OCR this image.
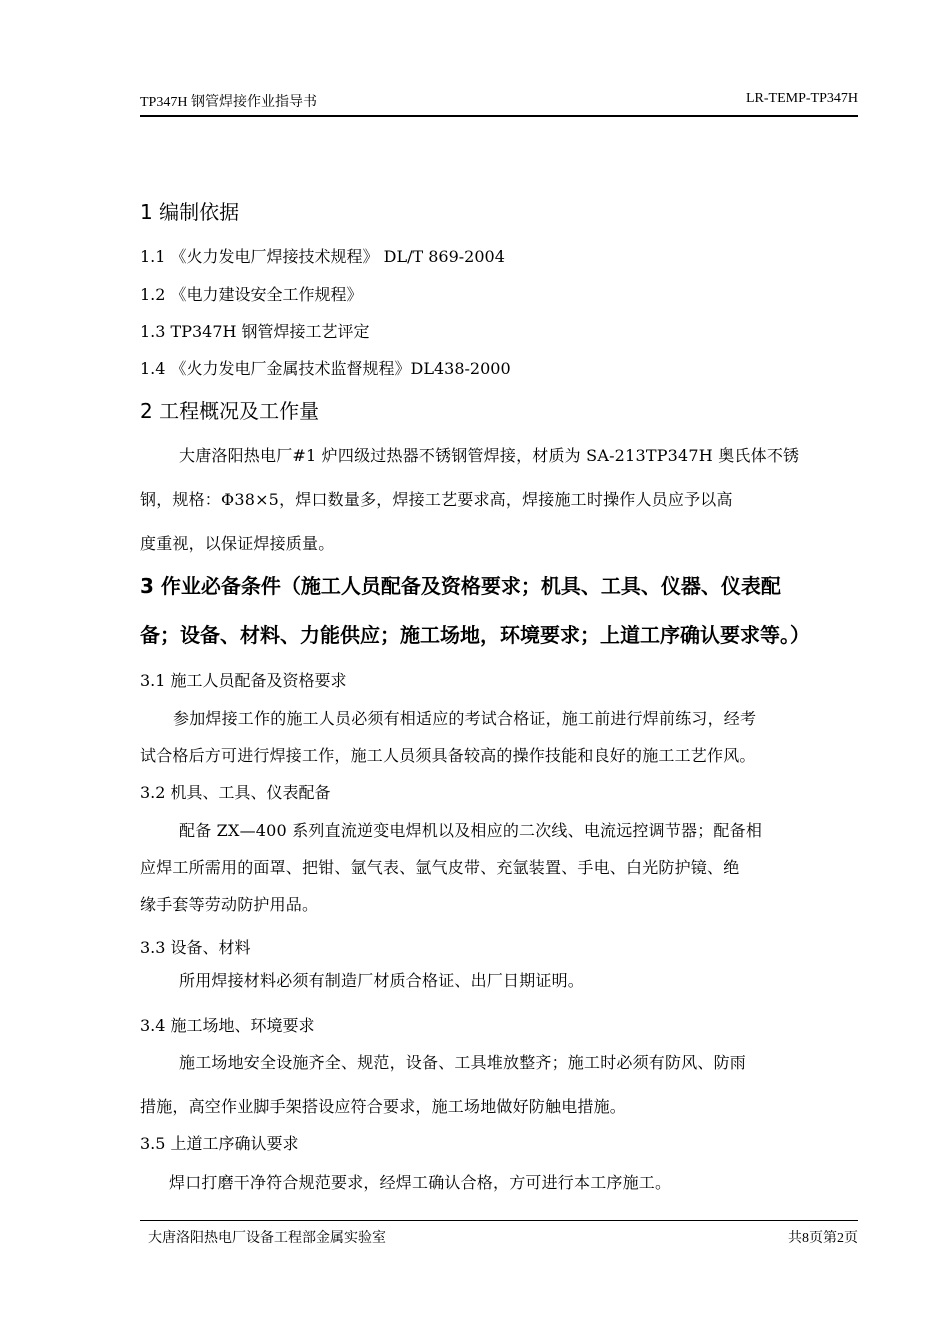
TP347H 钢管焊接作业指导书	LR-TEMP-TP347H
1 编制依据
1.1 《火力发电厂焊接技术规程》 DL/T 869-2004
1.2 《电力建设安全工作规程》
1.3 TP347H 钢管焊接工艺评定
1.4 《火力发电厂金属技术监督规程》DL438-2000
2 工程概况及工作量
大唐洛阳热电厂#1 炉四级过热器不锈钢管焊接，材质为 SA-213TP347H 奥氏体不锈
钢，规格：Φ38×5，焊口数量多，焊接工艺要求高，焊接施工时操作人员应予以高
度重视，以保证焊接质量。
3 作业必备条件（施工人员配备及资格要求；机具、工具、仪器、仪表配
备；设备、材料、力能供应；施工场地，环境要求；上道工序确认要求等。）
3.1 施工人员配备及资格要求
参加焊接工作的施工人员必须有相适应的考试合格证，施工前进行焊前练习，经考
试合格后方可进行焊接工作，施工人员须具备较高的操作技能和良好的施工工艺作风。
3.2 机具、工具、仪表配备
配备 ZX—400 系列直流逆变电焊机以及相应的二次线、电流远控调节器；配备相
应焊工所需用的面罩、把钳、氩气表、氩气皮带、充氩装置、手电、白光防护镜、绝
缘手套等劳动防护用品。
3.3 设备、材料
所用焊接材料必须有制造厂材质合格证、出厂日期证明。
3.4 施工场地、环境要求
施工场地安全设施齐全、规范，设备、工具堆放整齐；施工时必须有防风、防雨
措施，高空作业脚手架搭设应符合要求，施工场地做好防触电措施。
3.5 上道工序确认要求
焊口打磨干净符合规范要求，经焊工确认合格，方可进行本工序施工。
大唐洛阳热电厂设备工程部金属实验室	共8页第2页
